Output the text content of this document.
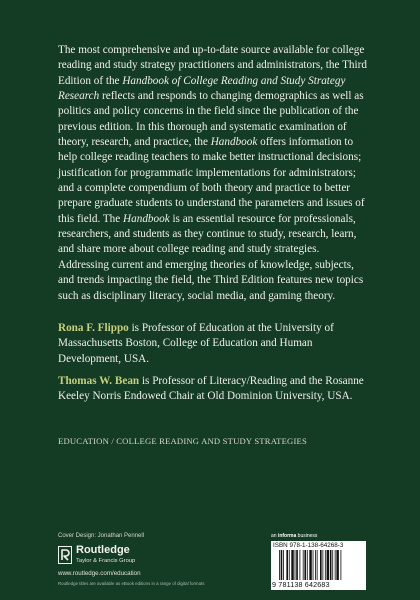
The most comprehensive and up-to-date source available for college reading and study strategy practitioners and administrators, the Third Edition of the Handbook of College Reading and Study Strategy Research reflects and responds to changing demographics as well as politics and policy concerns in the field since the publication of the previous edition. In this thorough and systematic examination of theory, research, and practice, the Handbook offers information to help college reading teachers to make better instructional decisions; justification for programmatic implementations for administrators; and a complete compendium of both theory and practice to better prepare graduate students to understand the parameters and issues of this field. The Handbook is an essential resource for professionals, researchers, and students as they continue to study, research, learn, and share more about college reading and study strategies. Addressing current and emerging theories of knowledge, subjects, and trends impacting the field, the Third Edition features new topics such as disciplinary literacy, social media, and gaming theory.

Rona F. Flippo is Professor of Education at the University of Massachusetts Boston, College of Education and Human Development, USA.

Thomas W. Bean is Professor of Literacy/Reading and the Rosanne Keeley Norris Endowed Chair at Old Dominion University, USA.

EDUCATION / COLLEGE READING AND STUDY STRATEGIES
Cover Design: Jonathan Pennell
Routledge
Taylor & Francis Group
www.routledge.com/education
Routledge titles are available as eBook editions in a range of digital formats
an informa business
ISBN 978-1-138-64268-3
9 781138 642683
